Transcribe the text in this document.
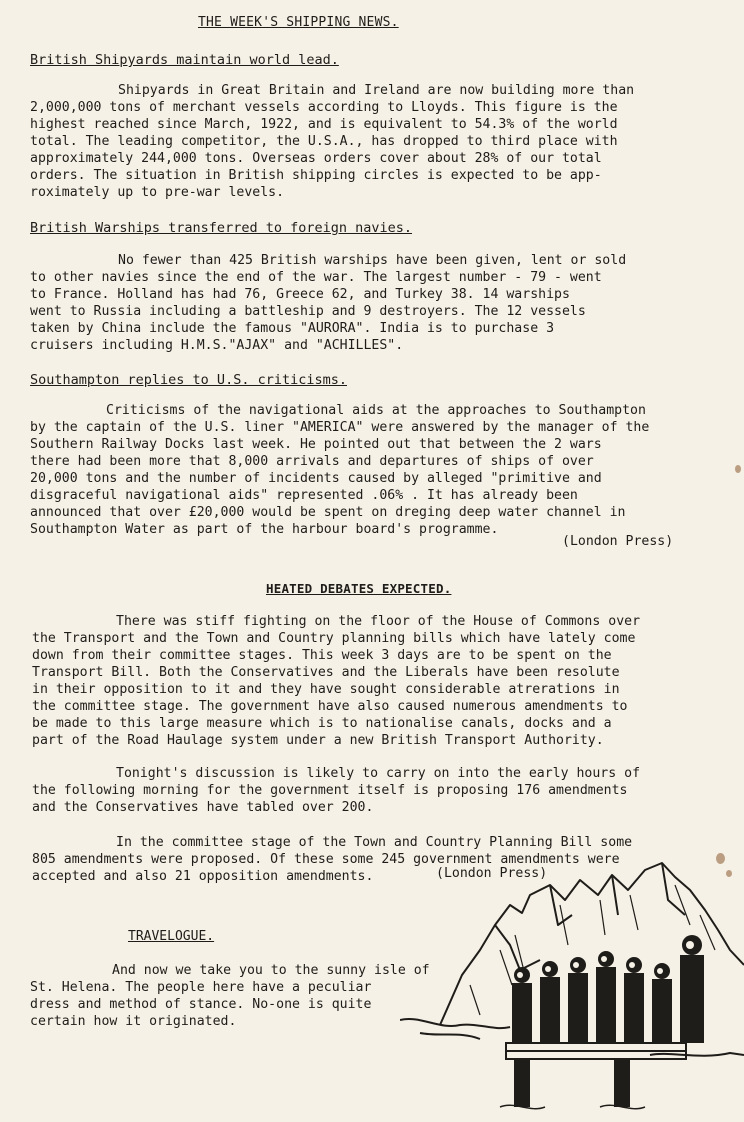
THE WEEK'S SHIPPING NEWS.
British Shipyards maintain world lead.
Shipyards in Great Britain and Ireland are now building more than
2,000,000 tons of merchant vessels according to Lloyds. This figure is the
highest reached since March, 1922, and is equivalent to 54.3% of the world
total. The leading competitor, the U.S.A., has dropped to third place with
approximately 244,000 tons. Overseas orders cover about 28% of our total
orders. The situation in British shipping circles is expected to be app-
roximately up to pre-war levels.
British Warships transferred to foreign navies.
No fewer than 425 British warships have been given, lent or sold
to other navies since the end of the war. The largest number - 79 - went
to France. Holland has had 76, Greece 62, and Turkey 38. 14 warships
went to Russia including a battleship and 9 destroyers. The 12 vessels
taken by China include the famous "AURORA". India is to purchase 3
cruisers including H.M.S."AJAX" and "ACHILLES".
Southampton replies to U.S. criticisms.
Criticisms of the navigational aids at the approaches to Southampton
by the captain of the U.S. liner "AMERICA" were answered by the manager of the
Southern Railway Docks last week. He pointed out that between the 2 wars
there had been more that 8,000 arrivals and departures of ships of over
20,000 tons and the number of incidents caused by alleged "primitive and
disgraceful navigational aids" represented .06% . It has already been
announced that over £20,000 would be spent on dreging deep water channel in
Southampton Water as part of the harbour board's programme.
(London Press)
HEATED DEBATES EXPECTED.
There was stiff fighting on the floor of the House of Commons over
the Transport and the Town and Country planning bills which have lately come
down from their committee stages. This week 3 days are to be spent on the
Transport Bill. Both the Conservatives and the Liberals have been resolute
in their opposition to it and they have sought considerable atrerations in
the committee stage. The government have also caused numerous amendments to
be made to this large measure which is to nationalise canals, docks and a
part of the Road Haulage system under a new British Transport Authority.
Tonight's discussion is likely to carry on into the early hours of
the following morning for the government itself is proposing 176 amendments
and the Conservatives have tabled over 200.
In the committee stage of the Town and Country Planning Bill some
805 amendments were proposed. Of these some 245 government amendments were
accepted and also 21 opposition amendments.	(London Press)
TRAVELOGUE.
And now we take you to the sunny isle of
St. Helena. The people here have a peculiar
dress and method of stance. No-one is quite
certain how it originated.
